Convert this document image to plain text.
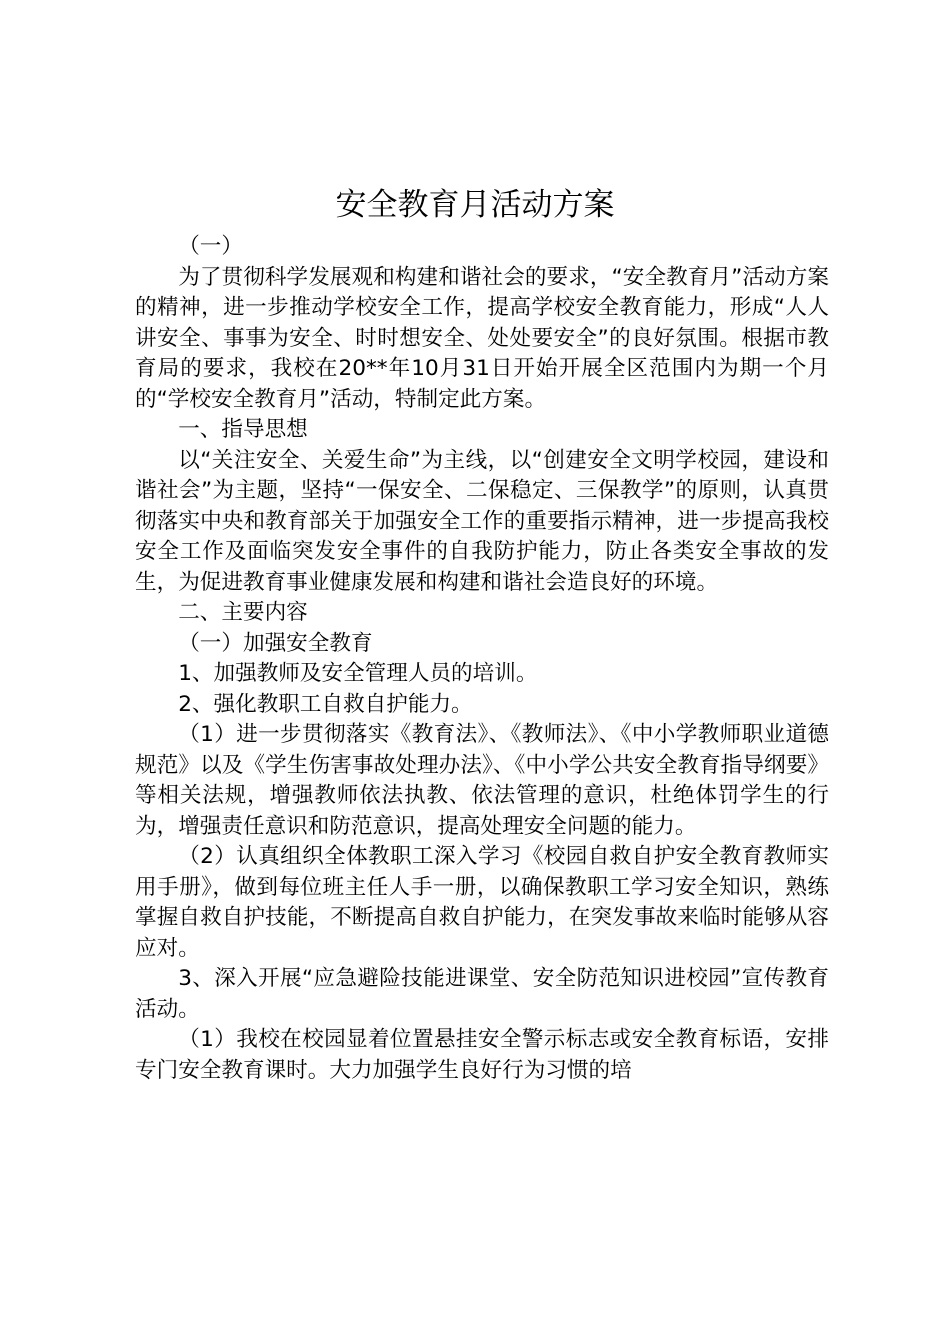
安全教育月活动方案

（一）

为了贯彻科学发展观和构建和谐社会的要求，“安全教育月”活动方案的精神，进一步推动学校安全工作，提高学校安全教育能力，形成“人人讲安全、事事为安全、时时想安全、处处要安全”的良好氛围。根据市教育局的要求，我校在20**年10月31日开始开展全区范围内为期一个月的“学校安全教育月”活动，特制定此方案。

一、指导思想

以“关注安全、关爱生命”为主线，以“创建安全文明学校园，建设和谐社会”为主题，坚持“一保安全、二保稳定、三保教学”的原则，认真贯彻落实中央和教育部关于加强安全工作的重要指示精神，进一步提高我校安全工作及面临突发安全事件的自我防护能力，防止各类安全事故的发生，为促进教育事业健康发展和构建和谐社会造良好的环境。

二、主要内容

（一）加强安全教育

1、加强教师及安全管理人员的培训。

2、强化教职工自救自护能力。

（1）进一步贯彻落实《教育法》、《教师法》、《中小学教师职业道德规范》以及《学生伤害事故处理办法》、《中小学公共安全教育指导纲要》等相关法规，增强教师依法执教、依法管理的意识，杜绝体罚学生的行为，增强责任意识和防范意识，提高处理安全问题的能力。

（2）认真组织全体教职工深入学习《校园自救自护安全教育教师实用手册》，做到每位班主任人手一册，以确保教职工学习安全知识，熟练掌握自救自护技能，不断提高自救自护能力，在突发事故来临时能够从容应对。

3、深入开展“应急避险技能进课堂、安全防范知识进校园”宣传教育活动。

（1）我校在校园显着位置悬挂安全警示标志或安全教育标语，安排专门安全教育课时。大力加强学生良好行为习惯的培
